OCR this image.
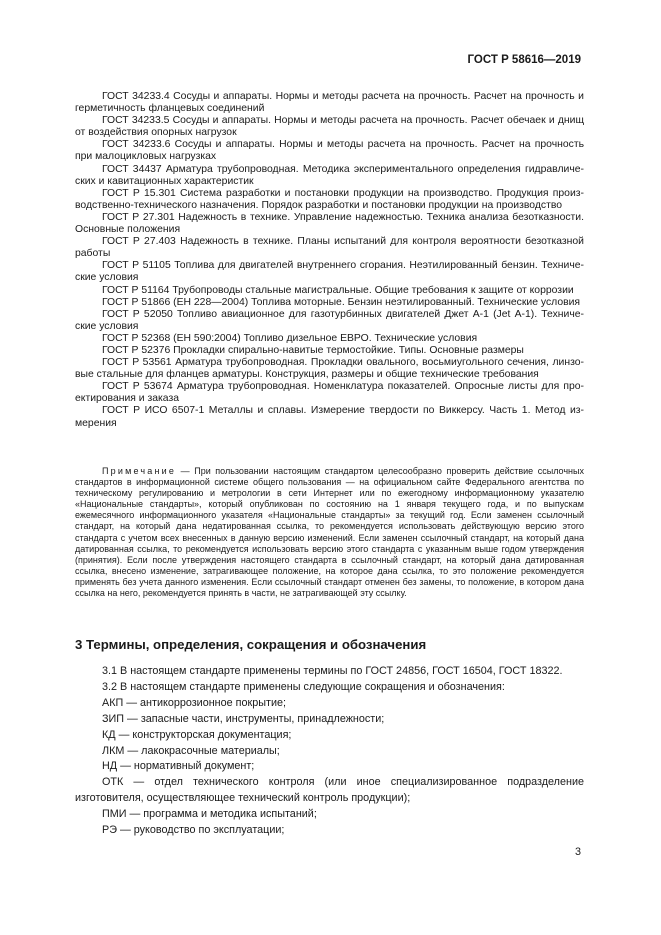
ГОСТ Р 58616—2019

ГОСТ 34233.4 Сосуды и аппараты. Нормы и методы расчета на прочность. Расчет на прочность и герметичность фланцевых соединений

ГОСТ 34233.5 Сосуды и аппараты. Нормы и методы расчета на прочность. Расчет обечаек и днищ от воздействия опорных нагрузок

ГОСТ 34233.6 Сосуды и аппараты. Нормы и методы расчета на прочность. Расчет на прочность при малоцикловых нагрузках

ГОСТ 34437 Арматура трубопроводная. Методика экспериментального определения гидравлических и кавитационных характеристик

ГОСТ Р 15.301 Система разработки и постановки продукции на производство. Продукция производственно-технического назначения. Порядок разработки и постановки продукции на производство

ГОСТ Р 27.301 Надежность в технике. Управление надежностью. Техника анализа безотказности. Основные положения

ГОСТ Р 27.403 Надежность в технике. Планы испытаний для контроля вероятности безотказной работы

ГОСТ Р 51105 Топлива для двигателей внутреннего сгорания. Неэтилированный бензин. Технические условия

ГОСТ Р 51164 Трубопроводы стальные магистральные. Общие требования к защите от коррозии

ГОСТ Р 51866 (ЕН 228—2004) Топлива моторные. Бензин неэтилированный. Технические условия

ГОСТ Р 52050 Топливо авиационное для газотурбинных двигателей Джет А-1 (Jet А-1). Технические условия

ГОСТ Р 52368 (ЕН 590:2004) Топливо дизельное ЕВРО. Технические условия

ГОСТ Р 52376 Прокладки спирально-навитые термостойкие. Типы. Основные размеры

ГОСТ Р 53561 Арматура трубопроводная. Прокладки овального, восьмиугольного сечения, линзовые стальные для фланцев арматуры. Конструкция, размеры и общие технические требования

ГОСТ Р 53674 Арматура трубопроводная. Номенклатура показателей. Опросные листы для проектирования и заказа

ГОСТ Р ИСО 6507-1 Металлы и сплавы. Измерение твердости по Виккерсу. Часть 1. Метод измерения

Примечание — При пользовании настоящим стандартом целесообразно проверить действие ссылочных стандартов в информационной системе общего пользования — на официальном сайте Федерального агентства по техническому регулированию и метрологии в сети Интернет или по ежегодному информационному указателю «Национальные стандарты», который опубликован по состоянию на 1 января текущего года, и по выпускам ежемесячного информационного указателя «Национальные стандарты» за текущий год. Если заменен ссылочный стандарт, на который дана недатированная ссылка, то рекомендуется использовать действующую версию этого стандарта с учетом всех внесенных в данную версию изменений. Если заменен ссылочный стандарт, на который дана датированная ссылка, то рекомендуется использовать версию этого стандарта с указанным выше годом утверждения (принятия). Если после утверждения настоящего стандарта в ссылочный стандарт, на который дана датированная ссылка, внесено изменение, затрагивающее положение, на которое дана ссылка, то это положение рекомендуется применять без учета данного изменения. Если ссылочный стандарт отменен без замены, то положение, в котором дана ссылка на него, рекомендуется принять в части, не затрагивающей эту ссылку.

3 Термины, определения, сокращения и обозначения

3.1 В настоящем стандарте применены термины по ГОСТ 24856, ГОСТ 16504, ГОСТ 18322.

3.2 В настоящем стандарте применены следующие сокращения и обозначения:

АКП — антикоррозионное покрытие;

ЗИП — запасные части, инструменты, принадлежности;

КД — конструкторская документация;

ЛКМ — лакокрасочные материалы;

НД — нормативный документ;

ОТК — отдел технического контроля (или иное специализированное подразделение изготовителя, осуществляющее технический контроль продукции);

ПМИ — программа и методика испытаний;

РЭ — руководство по эксплуатации;

3
